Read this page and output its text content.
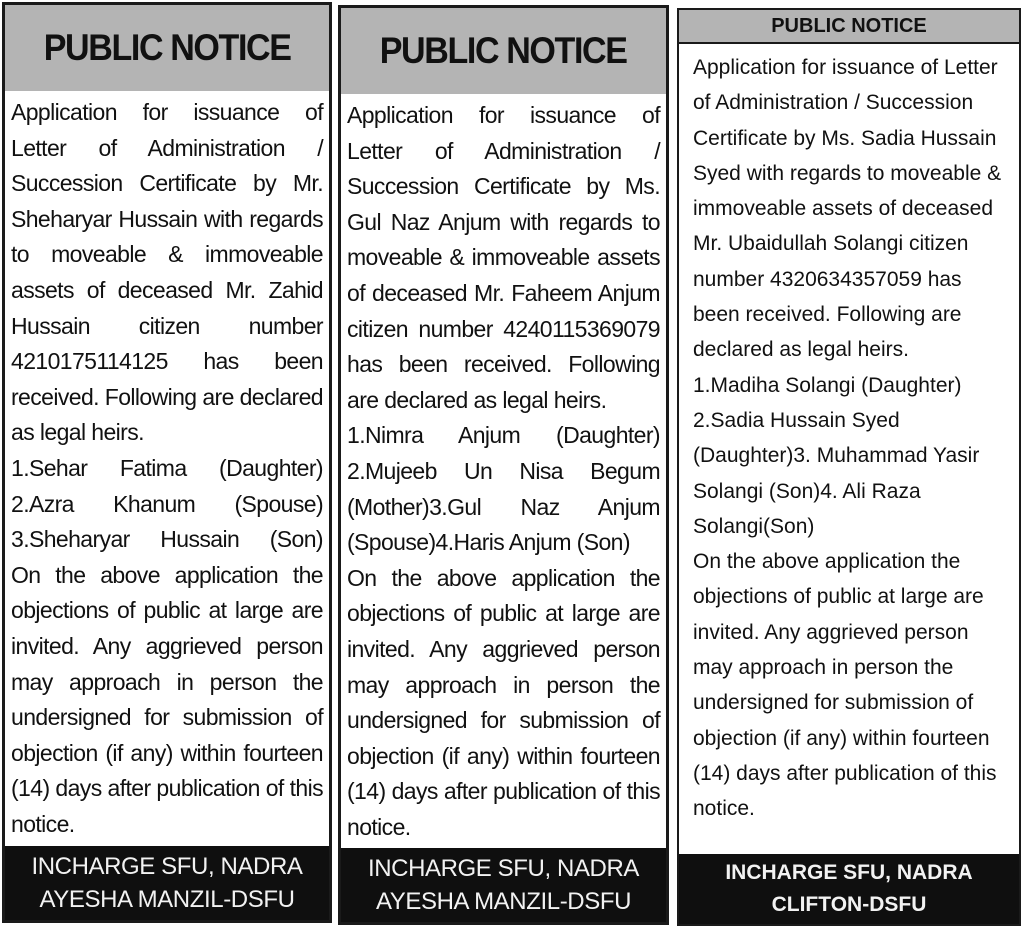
PUBLIC NOTICE

Application for issuance of Letter of Administration / Succession Certificate by Mr. Sheharyar Hussain with regards to moveable & immoveable assets of deceased Mr. Zahid Hussain citizen number 4210175114125 has been received. Following are declared as legal heirs.

1.Sehar Fatima (Daughter)
2.Azra Khanum (Spouse)
3.Sheharyar Hussain (Son)

On the above application the objections of public at large are invited. Any aggrieved person may approach in person the undersigned for submission of objection (if any) within fourteen (14) days after publication of this notice.

INCHARGE SFU, NADRA
AYESHA MANZIL-DSFU
PUBLIC NOTICE

Application for issuance of Letter of Administration / Succession Certificate by Ms. Gul Naz Anjum with regards to moveable & immoveable assets of deceased Mr. Faheem Anjum citizen number 4240115369079 has been received. Following are declared as legal heirs.

1.Nimra Anjum (Daughter)
2.Mujeeb Un Nisa Begum (Mother)3.Gul Naz Anjum (Spouse)4.Haris Anjum (Son)

On the above application the objections of public at large are invited. Any aggrieved person may approach in person the undersigned for submission of objection (if any) within fourteen (14) days after publication of this notice.

INCHARGE SFU, NADRA
AYESHA MANZIL-DSFU
PUBLIC NOTICE

Application for issuance of Letter of Administration / Succession Certificate by Ms. Sadia Hussain Syed with regards to moveable & immoveable assets of deceased Mr. Ubaidullah Solangi citizen number 4320634357059 has been received. Following are declared as legal heirs.

1.Madiha Solangi (Daughter)
2.Sadia Hussain Syed (Daughter)3. Muhammad Yasir Solangi (Son)4. Ali Raza Solangi(Son)

On the above application the objections of public at large are invited. Any aggrieved person may approach in person the undersigned for submission of objection (if any) within fourteen (14) days after publication of this notice.

INCHARGE SFU, NADRA
CLIFTON-DSFU
